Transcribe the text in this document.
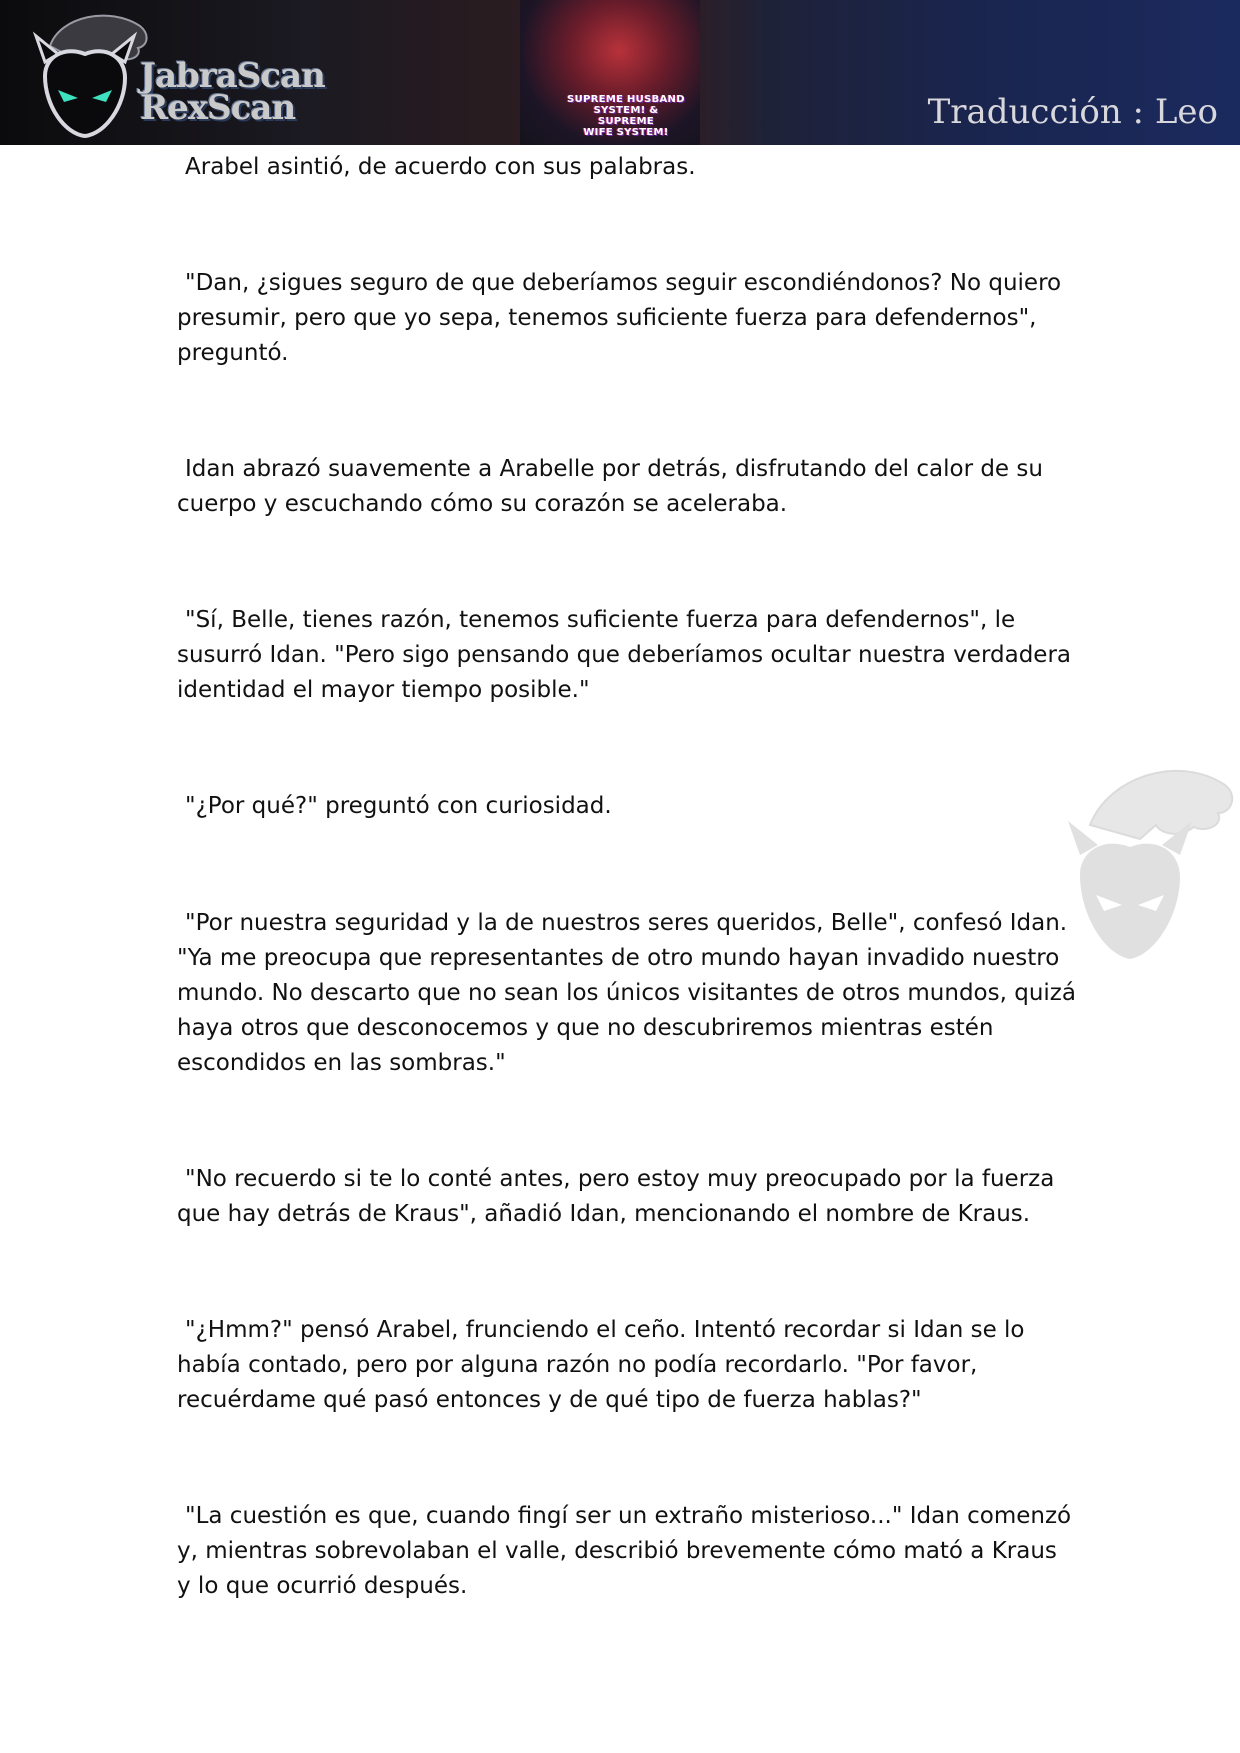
JabraScan
RexScan	SUPREME HUSBAND
SYSTEM! & SUPREME
WIFE SYSTEM!
Traducción : Leo

Arabel asintió, de acuerdo con sus palabras.

"Dan, ¿sigues seguro de que deberíamos seguir escondiéndonos? No quiero presumir, pero que yo sepa, tenemos suficiente fuerza para defendernos", preguntó.

Idan abrazó suavemente a Arabelle por detrás, disfrutando del calor de su cuerpo y escuchando cómo su corazón se aceleraba.

"Sí, Belle, tienes razón, tenemos suficiente fuerza para defendernos", le susurró Idan. "Pero sigo pensando que deberíamos ocultar nuestra verdadera identidad el mayor tiempo posible."

"¿Por qué?" preguntó con curiosidad.

"Por nuestra seguridad y la de nuestros seres queridos, Belle", confesó Idan. "Ya me preocupa que representantes de otro mundo hayan invadido nuestro mundo. No descarto que no sean los únicos visitantes de otros mundos, quizá haya otros que desconocemos y que no descubriremos mientras estén escondidos en las sombras."

"No recuerdo si te lo conté antes, pero estoy muy preocupado por la fuerza que hay detrás de Kraus", añadió Idan, mencionando el nombre de Kraus.

"¿Hmm?" pensó Arabel, frunciendo el ceño. Intentó recordar si Idan se lo había contado, pero por alguna razón no podía recordarlo. "Por favor, recuérdame qué pasó entonces y de qué tipo de fuerza hablas?"

"La cuestión es que, cuando fingí ser un extraño misterioso..." Idan comenzó y, mientras sobrevolaban el valle, describió brevemente cómo mató a Kraus y lo que ocurrió después.
